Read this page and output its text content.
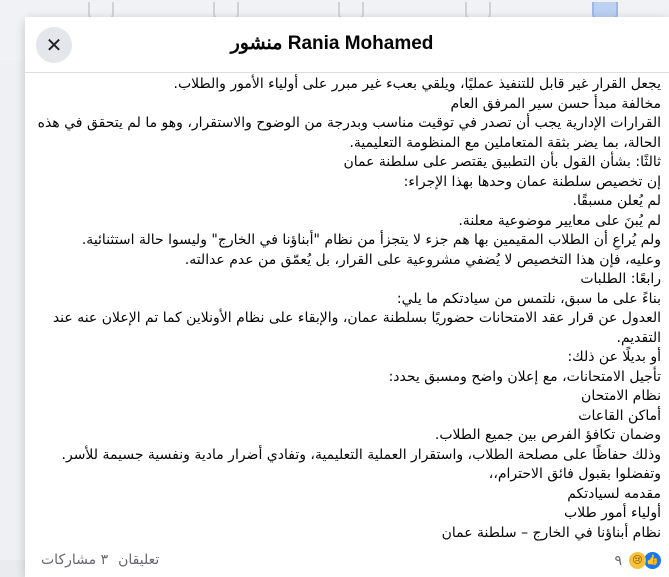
✕	منشور Rania Mohamed

يجعل القرار غير قابل للتنفيذ عمليًا، ويلقي بعبء غير مبرر على أولياء الأمور والطلاب.

مخالفة مبدأ حسن سير المرفق العام

القرارات الإدارية يجب أن تصدر في توقيت مناسب وبدرجة من الوضوح والاستقرار، وهو ما لم يتحقق في هذه الحالة، بما يضر بثقة المتعاملين مع المنظومة التعليمية.

ثالثًا: بشأن القول بأن التطبيق يقتصر على سلطنة عمان

إن تخصيص سلطنة عمان وحدها بهذا الإجراء:

لم يُعلن مسبقًا.

لم يُبنَ على معايير موضوعية معلنة.

ولم يُراعِ أن الطلاب المقيمين بها هم جزء لا يتجزأ من نظام "أبناؤنا في الخارج" وليسوا حالة استثنائية.

وعليه، فإن هذا التخصيص لا يُضفي مشروعية على القرار، بل يُعمّق من عدم عدالته.

رابعًا: الطلبات

بناءً على ما سبق، نلتمس من سيادتكم ما يلي:

العدول عن قرار عقد الامتحانات حضوريًا بسلطنة عمان، والإبقاء على نظام الأونلاين كما تم الإعلان عنه عند التقديم.

أو بديلًا عن ذلك:

تأجيل الامتحانات، مع إعلان واضح ومسبق يحدد:

نظام الامتحان

أماكن القاعات

وضمان تكافؤ الفرص بين جميع الطلاب.

وذلك حفاظًا على مصلحة الطلاب، واستقرار العملية التعليمية، وتفادي أضرار مادية ونفسية جسيمة للأسر.

وتفضلوا بقبول فائق الاحترام،،

مقدمه لسيادتكم

أولياء أمور طلاب

نظام أبناؤنا في الخارج – سلطنة عمان

👍
😢
٩
تعليقان
٣ مشاركات
